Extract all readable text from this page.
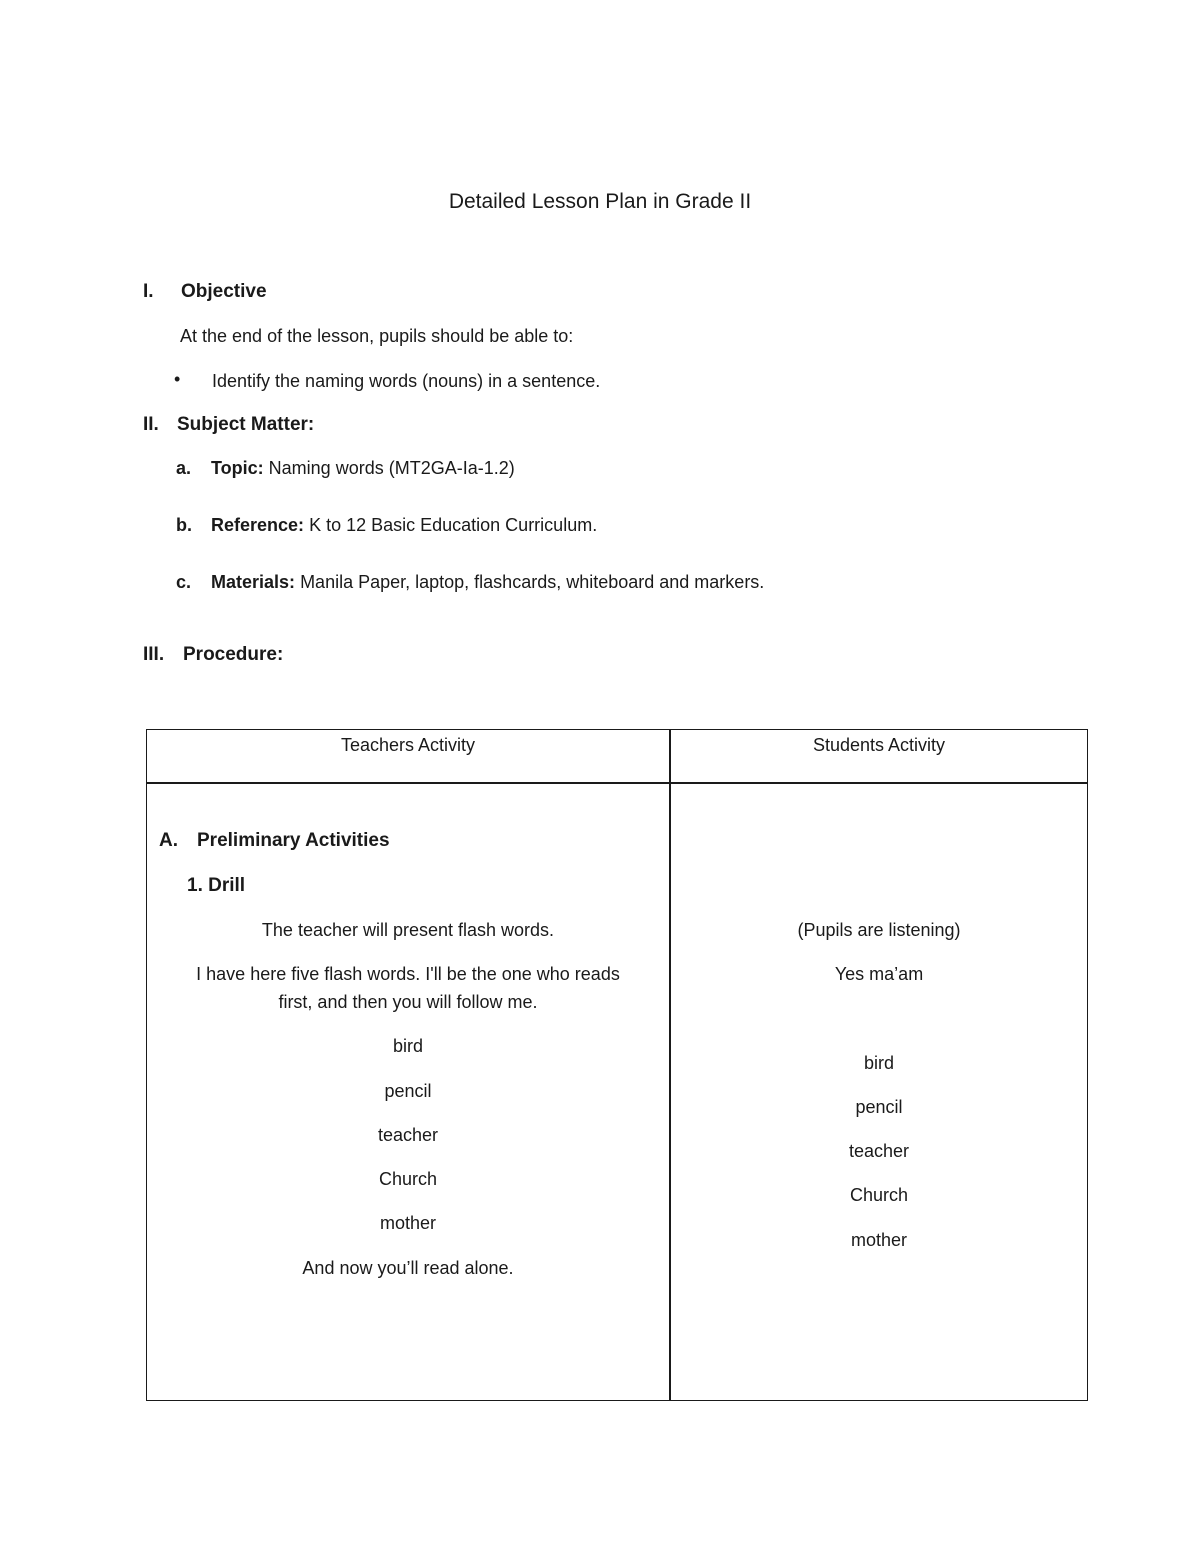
Detailed Lesson Plan in Grade II
I. Objective
At the end of the lesson, pupils should be able to:
• Identify the naming words (nouns) in a sentence.
II. Subject Matter:
a. Topic: Naming words (MT2GA-Ia-1.2)
b. Reference: K to 12 Basic Education Curriculum.
c. Materials: Manila Paper, laptop, flashcards, whiteboard and markers.
III. Procedure:
Teachers Activity	Students Activity
A. Preliminary Activities
1. Drill
The teacher will present flash words.
I have here five flash words. I'll be the one who reads
first, and then you will follow me.
bird
pencil
teacher
Church
mother
And now you’ll read alone.
(Pupils are listening)
Yes ma’am
bird
pencil
teacher
Church
mother
